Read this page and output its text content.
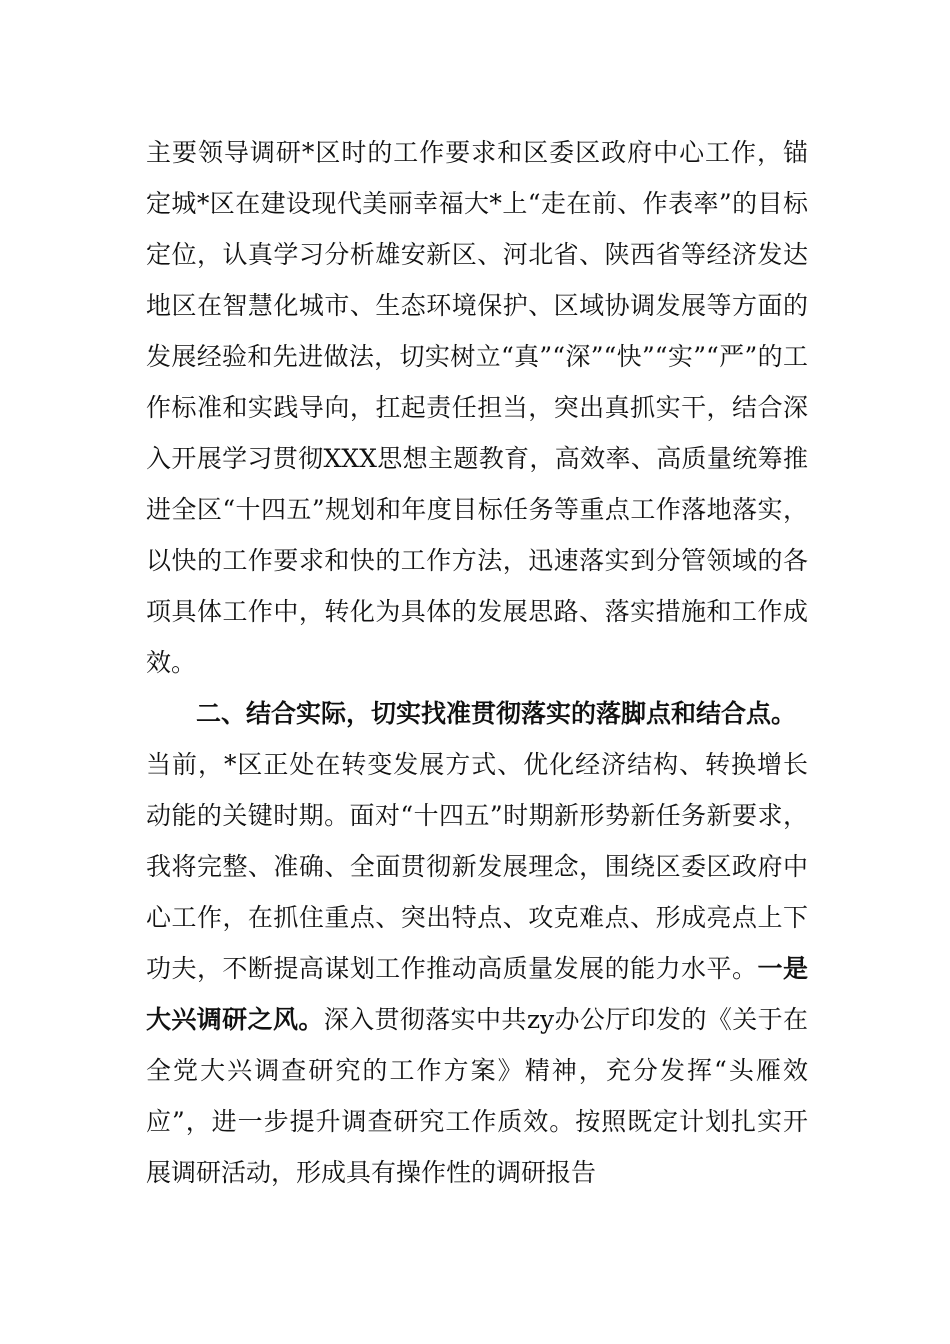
主要领导调研*区时的工作要求和区委区政府中心工作，锚定城*区在建设现代美丽幸福大*上“走在前、作表率”的目标定位，认真学习分析雄安新区、河北省、陕西省等经济发达地区在智慧化城市、生态环境保护、区域协调发展等方面的发展经验和先进做法，切实树立“真”“深”“快”“实”“严”的工作标准和实践导向，扛起责任担当，突出真抓实干，结合深入开展学习贯彻XXX思想主题教育，高效率、高质量统筹推进全区“十四五”规划和年度目标任务等重点工作落地落实，以快的工作要求和快的工作方法，迅速落实到分管领域的各项具体工作中，转化为具体的发展思路、落实措施和工作成效。

二、结合实际，切实找准贯彻落实的落脚点和结合点。

当前，*区正处在转变发展方式、优化经济结构、转换增长动能的关键时期。面对“十四五”时期新形势新任务新要求，我将完整、准确、全面贯彻新发展理念，围绕区委区政府中心工作，在抓住重点、突出特点、攻克难点、形成亮点上下功夫，不断提高谋划工作推动高质量发展的能力水平。一是大兴调研之风。深入贯彻落实中共zy办公厅印发的《关于在全党大兴调查研究的工作方案》精神，充分发挥“头雁效应”，进一步提升调查研究工作质效。按照既定计划扎实开展调研活动，形成具有操作性的调研报告
